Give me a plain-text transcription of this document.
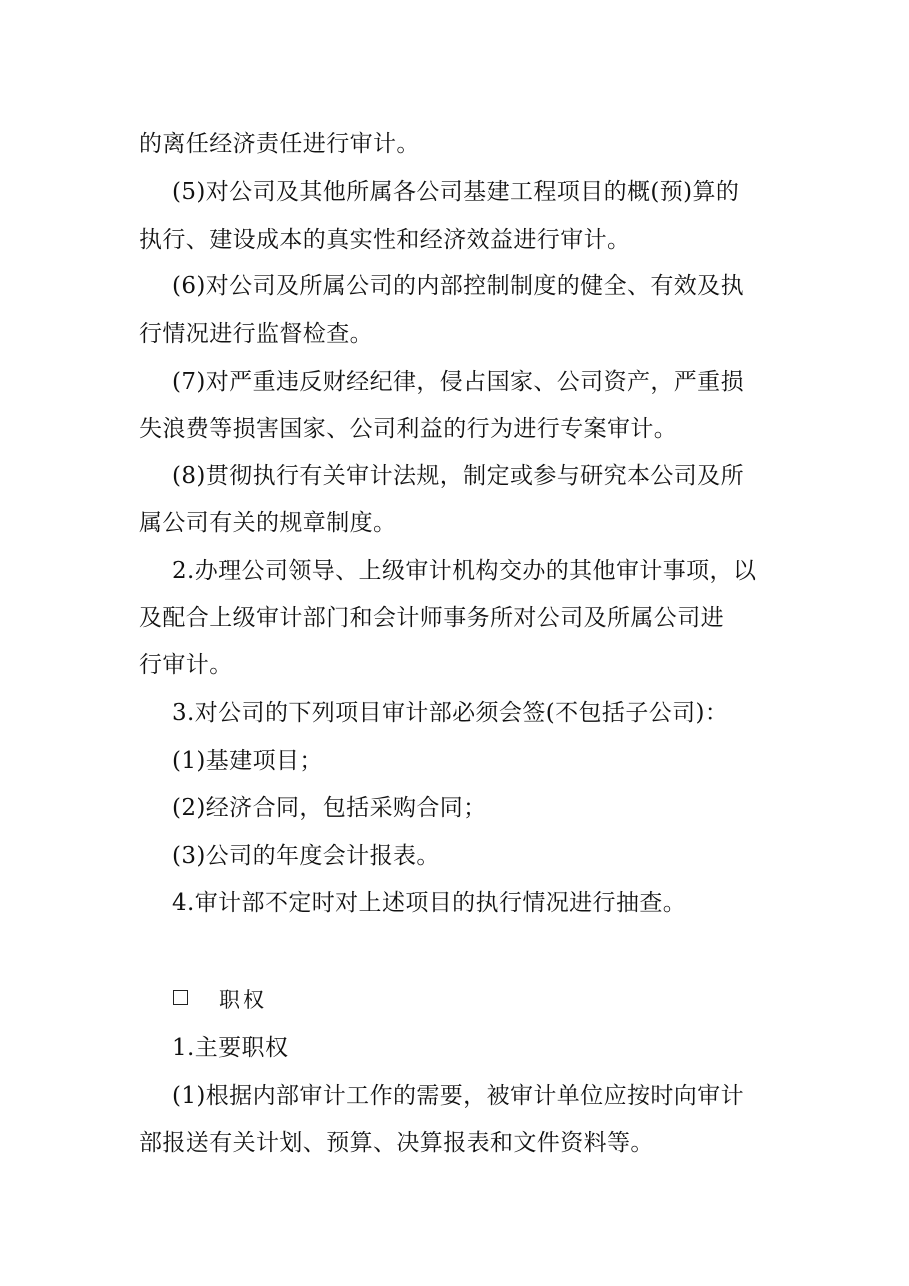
的离任经济责任进行审计。
(5)对公司及其他所属各公司基建工程项目的概(预)算的
执行、建设成本的真实性和经济效益进行审计。
(6)对公司及所属公司的内部控制制度的健全、有效及执
行情况进行监督检查。
(7)对严重违反财经纪律，侵占国家、公司资产，严重损
失浪费等损害国家、公司利益的行为进行专案审计。
(8)贯彻执行有关审计法规，制定或参与研究本公司及所
属公司有关的规章制度。
2.办理公司领导、上级审计机构交办的其他审计事项，以
及配合上级审计部门和会计师事务所对公司及所属公司进
行审计。
3.对公司的下列项目审计部必须会签(不包括子公司)：
(1)基建项目；
(2)经济合同，包括采购合同；
(3)公司的年度会计报表。
4.审计部不定时对上述项目的执行情况进行抽查。
职权
1.主要职权
(1)根据内部审计工作的需要，被审计单位应按时向审计
部报送有关计划、预算、决算报表和文件资料等。
